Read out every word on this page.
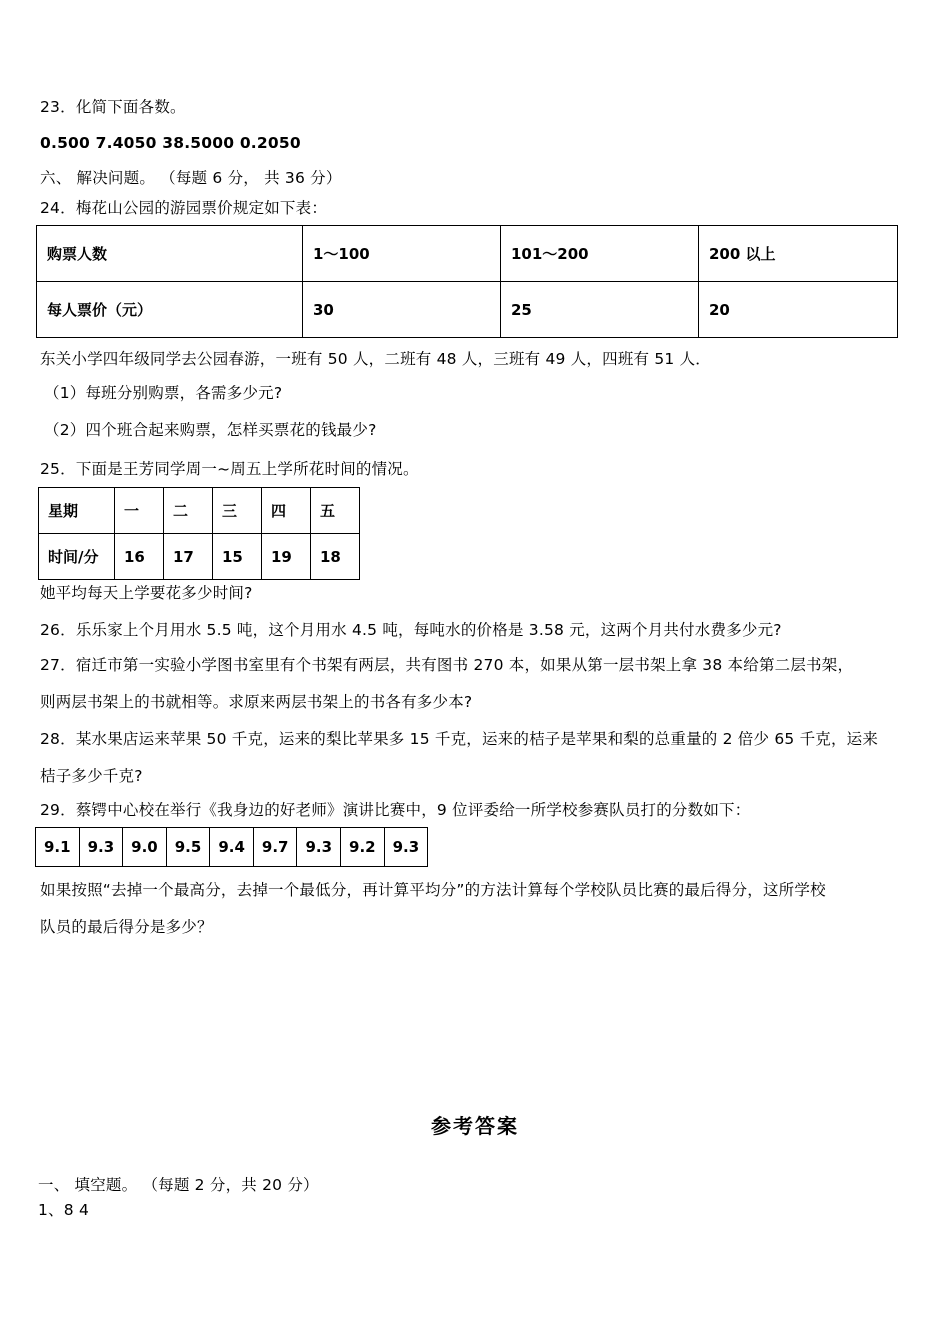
23．化简下面各数。
0.500 7.4050 38.5000 0.2050
六、 解决问题。 （每题 6 分， 共 36 分）
24．梅花山公园的游园票价规定如下表：
购票人数	1～100	101～200	200 以上
每人票价（元）	30	25	20
东关小学四年级同学去公园春游，一班有 50 人，二班有 48 人，三班有 49 人，四班有 51 人．
（1）每班分别购票，各需多少元?
（2）四个班合起来购票，怎样买票花的钱最少?
25．下面是王芳同学周一~周五上学所花时间的情况。
星期	一	二	三	四	五
时间/分	16	17	15	19	18
她平均每天上学要花多少时间?
26．乐乐家上个月用水 5.5 吨，这个月用水 4.5 吨，每吨水的价格是 3.58 元，这两个月共付水费多少元?
27．宿迁市第一实验小学图书室里有个书架有两层，共有图书 270 本，如果从第一层书架上拿 38 本给第二层书架，
则两层书架上的书就相等。求原来两层书架上的书各有多少本?
28．某水果店运来苹果 50 千克，运来的梨比苹果多 15 千克，运来的桔子是苹果和梨的总重量的 2 倍少 65 千克，运来
桔子多少千克?
29．蔡锷中心校在举行《我身边的好老师》演讲比赛中，9 位评委给一所学校参赛队员打的分数如下：
9.1	9.3	9.0	9.5	9.4	9.7	9.3	9.2	9.3
如果按照“去掉一个最高分，去掉一个最低分，再计算平均分”的方法计算每个学校队员比赛的最后得分，这所学校
队员的最后得分是多少？
参考答案
一、 填空题。 （每题 2 分，共 20 分）
1、8 4
